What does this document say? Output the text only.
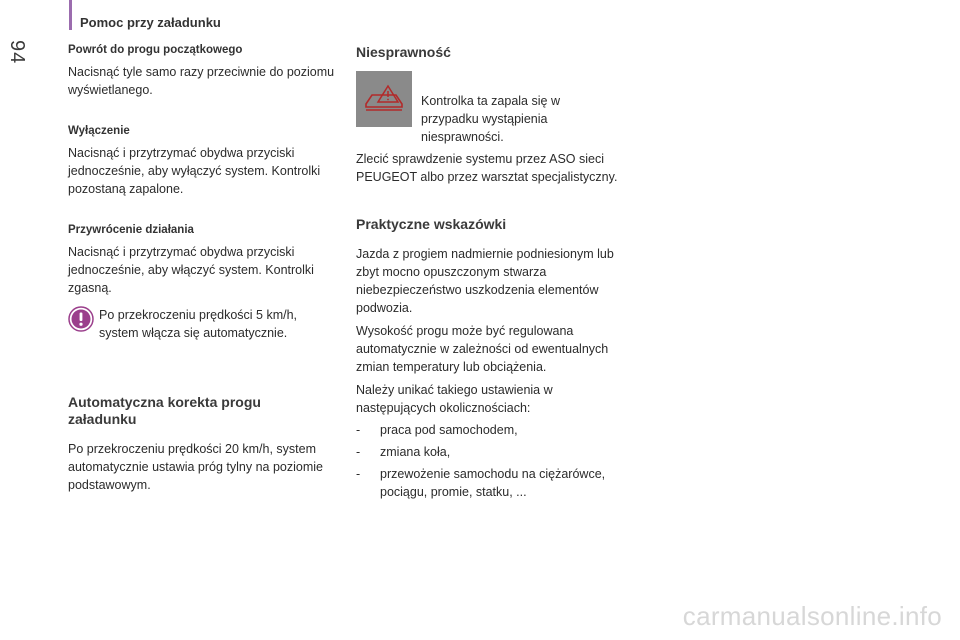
94
Pomoc przy załadunku

Powrót do progu początkowego

Nacisnąć tyle samo razy przeciwnie do poziomu wyświetlanego.

Wyłączenie

Nacisnąć i przytrzymać obydwa przyciski jednocześnie, aby wyłączyć system. Kontrolki pozostaną zapalone.

Przywrócenie działania

Nacisnąć i przytrzymać obydwa przyciski jednocześnie, aby włączyć system. Kontrolki zgasną.

Po przekroczeniu prędkości 5 km/h, system włącza się automatycznie.

Automatyczna korekta progu załadunku

Po przekroczeniu prędkości 20 km/h, system automatycznie ustawia próg tylny na poziomie podstawowym.

Niesprawność

Kontrolka ta zapala się w przypadku wystąpienia niesprawności.

Zlecić sprawdzenie systemu przez ASO sieci PEUGEOT albo przez warsztat specjalistyczny.

Praktyczne wskazówki

Jazda z progiem nadmiernie podniesionym lub zbyt mocno opuszczonym stwarza niebezpieczeństwo uszkodzenia elementów podwozia.

Wysokość progu może być regulowana automatycznie w zależności od ewentualnych zmian temperatury lub obciążenia.

Należy unikać takiego ustawienia w następujących okolicznościach:

-	praca pod samochodem,
-	zmiana koła,
-	przewożenie samochodu na ciężarówce, pociągu, promie, statku, ...
carmanualsonline.info
